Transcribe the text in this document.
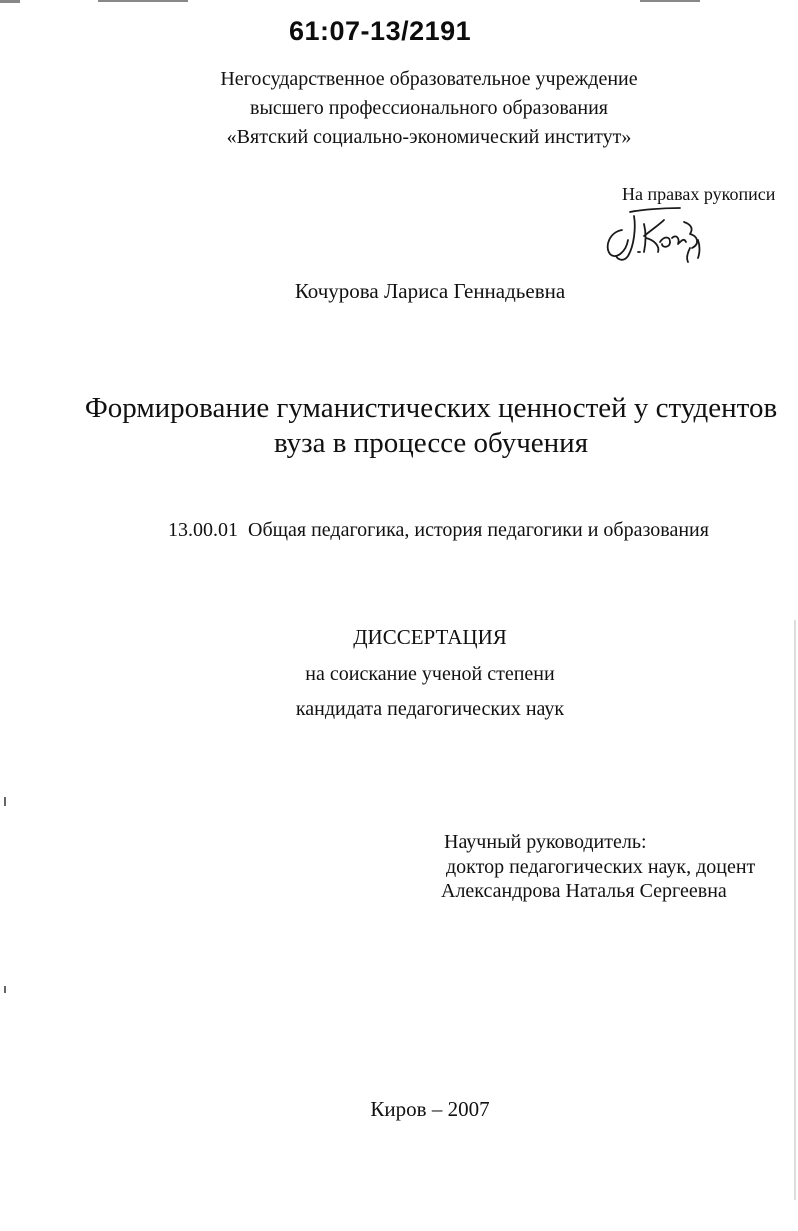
61:07-13/2191
Негосударственное образовательное учреждение
высшего профессионального образования
«Вятский социально-экономический институт»
На правах рукописи
Кочурова Лариса Геннадьевна
Формирование гуманистических ценностей у студентов
вуза в процессе обучения
13.00.01  Общая педагогика, история педагогики и образования
ДИССЕРТАЦИЯ
на соискание ученой степени
кандидата педагогических наук
Научный руководитель:
доктор педагогических наук, доцент
Александрова Наталья Сергеевна
Киров – 2007
